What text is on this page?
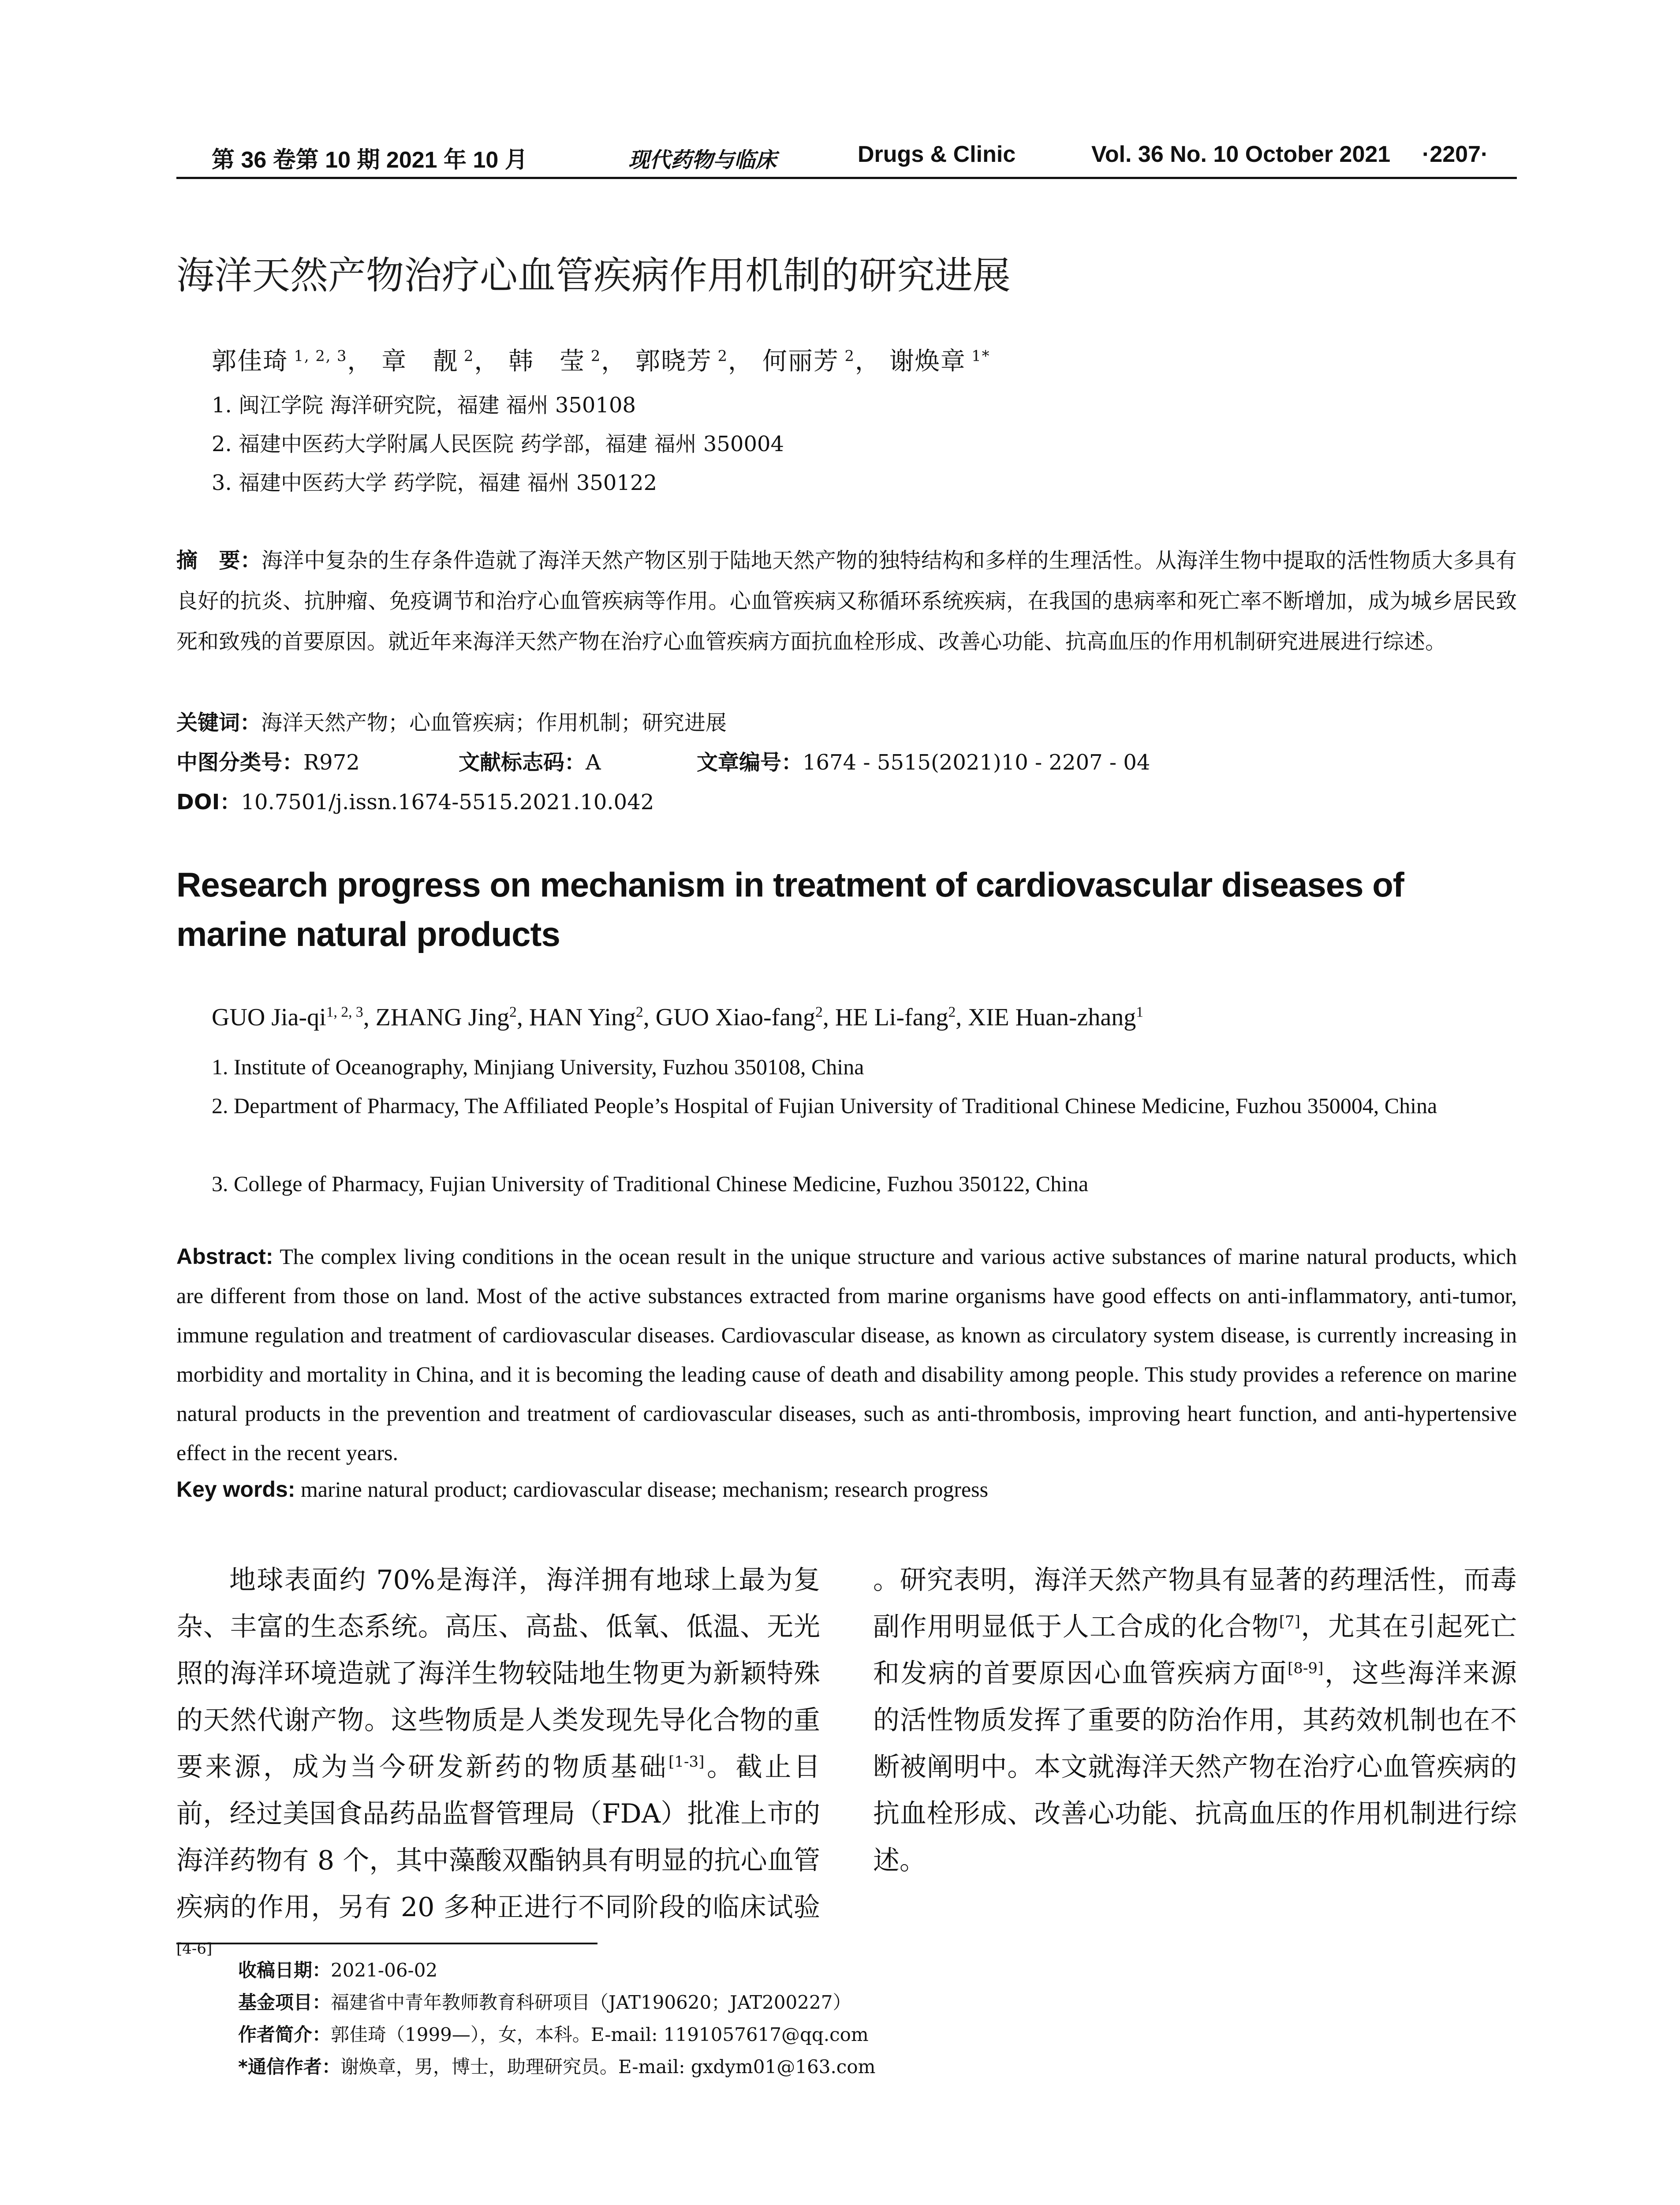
第 36 卷第 10 期 2021 年 10 月	现代药物与临床	Drugs & Clinic	Vol. 36 No. 10 October 2021 ·2207·
海洋天然产物治疗心血管疾病作用机制的研究进展
郭佳琦 $^{1, 2, 3}$， 章　靓 $^2$， 韩　莹 $^2$， 郭晓芳 $^2$， 何丽芳 $^2$， 谢焕章 $^{1*}$
1. 闽江学院 海洋研究院，福建 福州 350108
2. 福建中医药大学附属人民医院 药学部，福建 福州 350004
3. 福建中医药大学 药学院，福建 福州 350122
摘　要：海洋中复杂的生存条件造就了海洋天然产物区别于陆地天然产物的独特结构和多样的生理活性。从海洋生物中提取的活性物质大多具有良好的抗炎、抗肿瘤、免疫调节和治疗心血管疾病等作用。心血管疾病又称循环系统疾病，在我国的患病率和死亡率不断增加，成为城乡居民致死和致残的首要原因。就近年来海洋天然产物在治疗心血管疾病方面抗血栓形成、改善心功能、抗高血压的作用机制研究进展进行综述。
关键词：海洋天然产物；心血管疾病；作用机制；研究进展
中图分类号：R972	文献标志码：A	文章编号：1674 - 5515(2021)10 - 2207 - 04
DOI：10.7501/j.issn.1674-5515.2021.10.042
Research progress on mechanism in treatment of cardiovascular diseases of marine natural products
GUO Jia-qi$^{1, 2, 3}$, ZHANG Jing$^2$, HAN Ying$^2$, GUO Xiao-fang$^2$, HE Li-fang$^2$, XIE Huan-zhang$^1$
1. Institute of Oceanography, Minjiang University, Fuzhou 350108, China
2. Department of Pharmacy, The Affiliated People’s Hospital of Fujian University of Traditional Chinese Medicine, Fuzhou 350004, China
3. College of Pharmacy, Fujian University of Traditional Chinese Medicine, Fuzhou 350122, China
Abstract: The complex living conditions in the ocean result in the unique structure and various active substances of marine natural products, which are different from those on land. Most of the active substances extracted from marine organisms have good effects on anti-inflammatory, anti-tumor, immune regulation and treatment of cardiovascular diseases. Cardiovascular disease, as known as circulatory system disease, is currently increasing in morbidity and mortality in China, and it is becoming the leading cause of death and disability among people. This study provides a reference on marine natural products in the prevention and treatment of cardiovascular diseases, such as anti-thrombosis, improving heart function, and anti-hypertensive effect in the recent years.
Key words: marine natural product; cardiovascular disease; mechanism; research progress

地球表面约 70%是海洋，海洋拥有地球上最为复杂、丰富的生态系统。高压、高盐、低氧、低温、无光照的海洋环境造就了海洋生物较陆地生物更为新颖特殊的天然代谢产物。这些物质是人类发现先导化合物的重要来源，成为当今研发新药的物质基础[1-3]。截止目前，经过美国食品药品监督管理局（FDA）批准上市的海洋药物有 8 个，其中藻酸双酯钠具有明显的抗心血管疾病的作用，另有 20 多种正进行不同阶段的临床试验[4-6]

收稿日期：2021-06-02
基金项目：福建省中青年教师教育科研项目（JAT190620；JAT200227）
作者简介：郭佳琦（1999—），女，本科。E-mail: 1191057617@qq.com
*通信作者：谢焕章，男，博士，助理研究员。E-mail: gxdym01@163.com

。研究表明，海洋天然产物具有显著的药理活性，而毒副作用明显低于人工合成的化合物[7]，尤其在引起死亡和发病的首要原因心血管疾病方面[8-9]，这些海洋来源的活性物质发挥了重要的防治作用，其药效机制也在不断被阐明中。本文就海洋天然产物在治疗心血管疾病的抗血栓形成、改善心功能、抗高血压的作用机制进行综述。
